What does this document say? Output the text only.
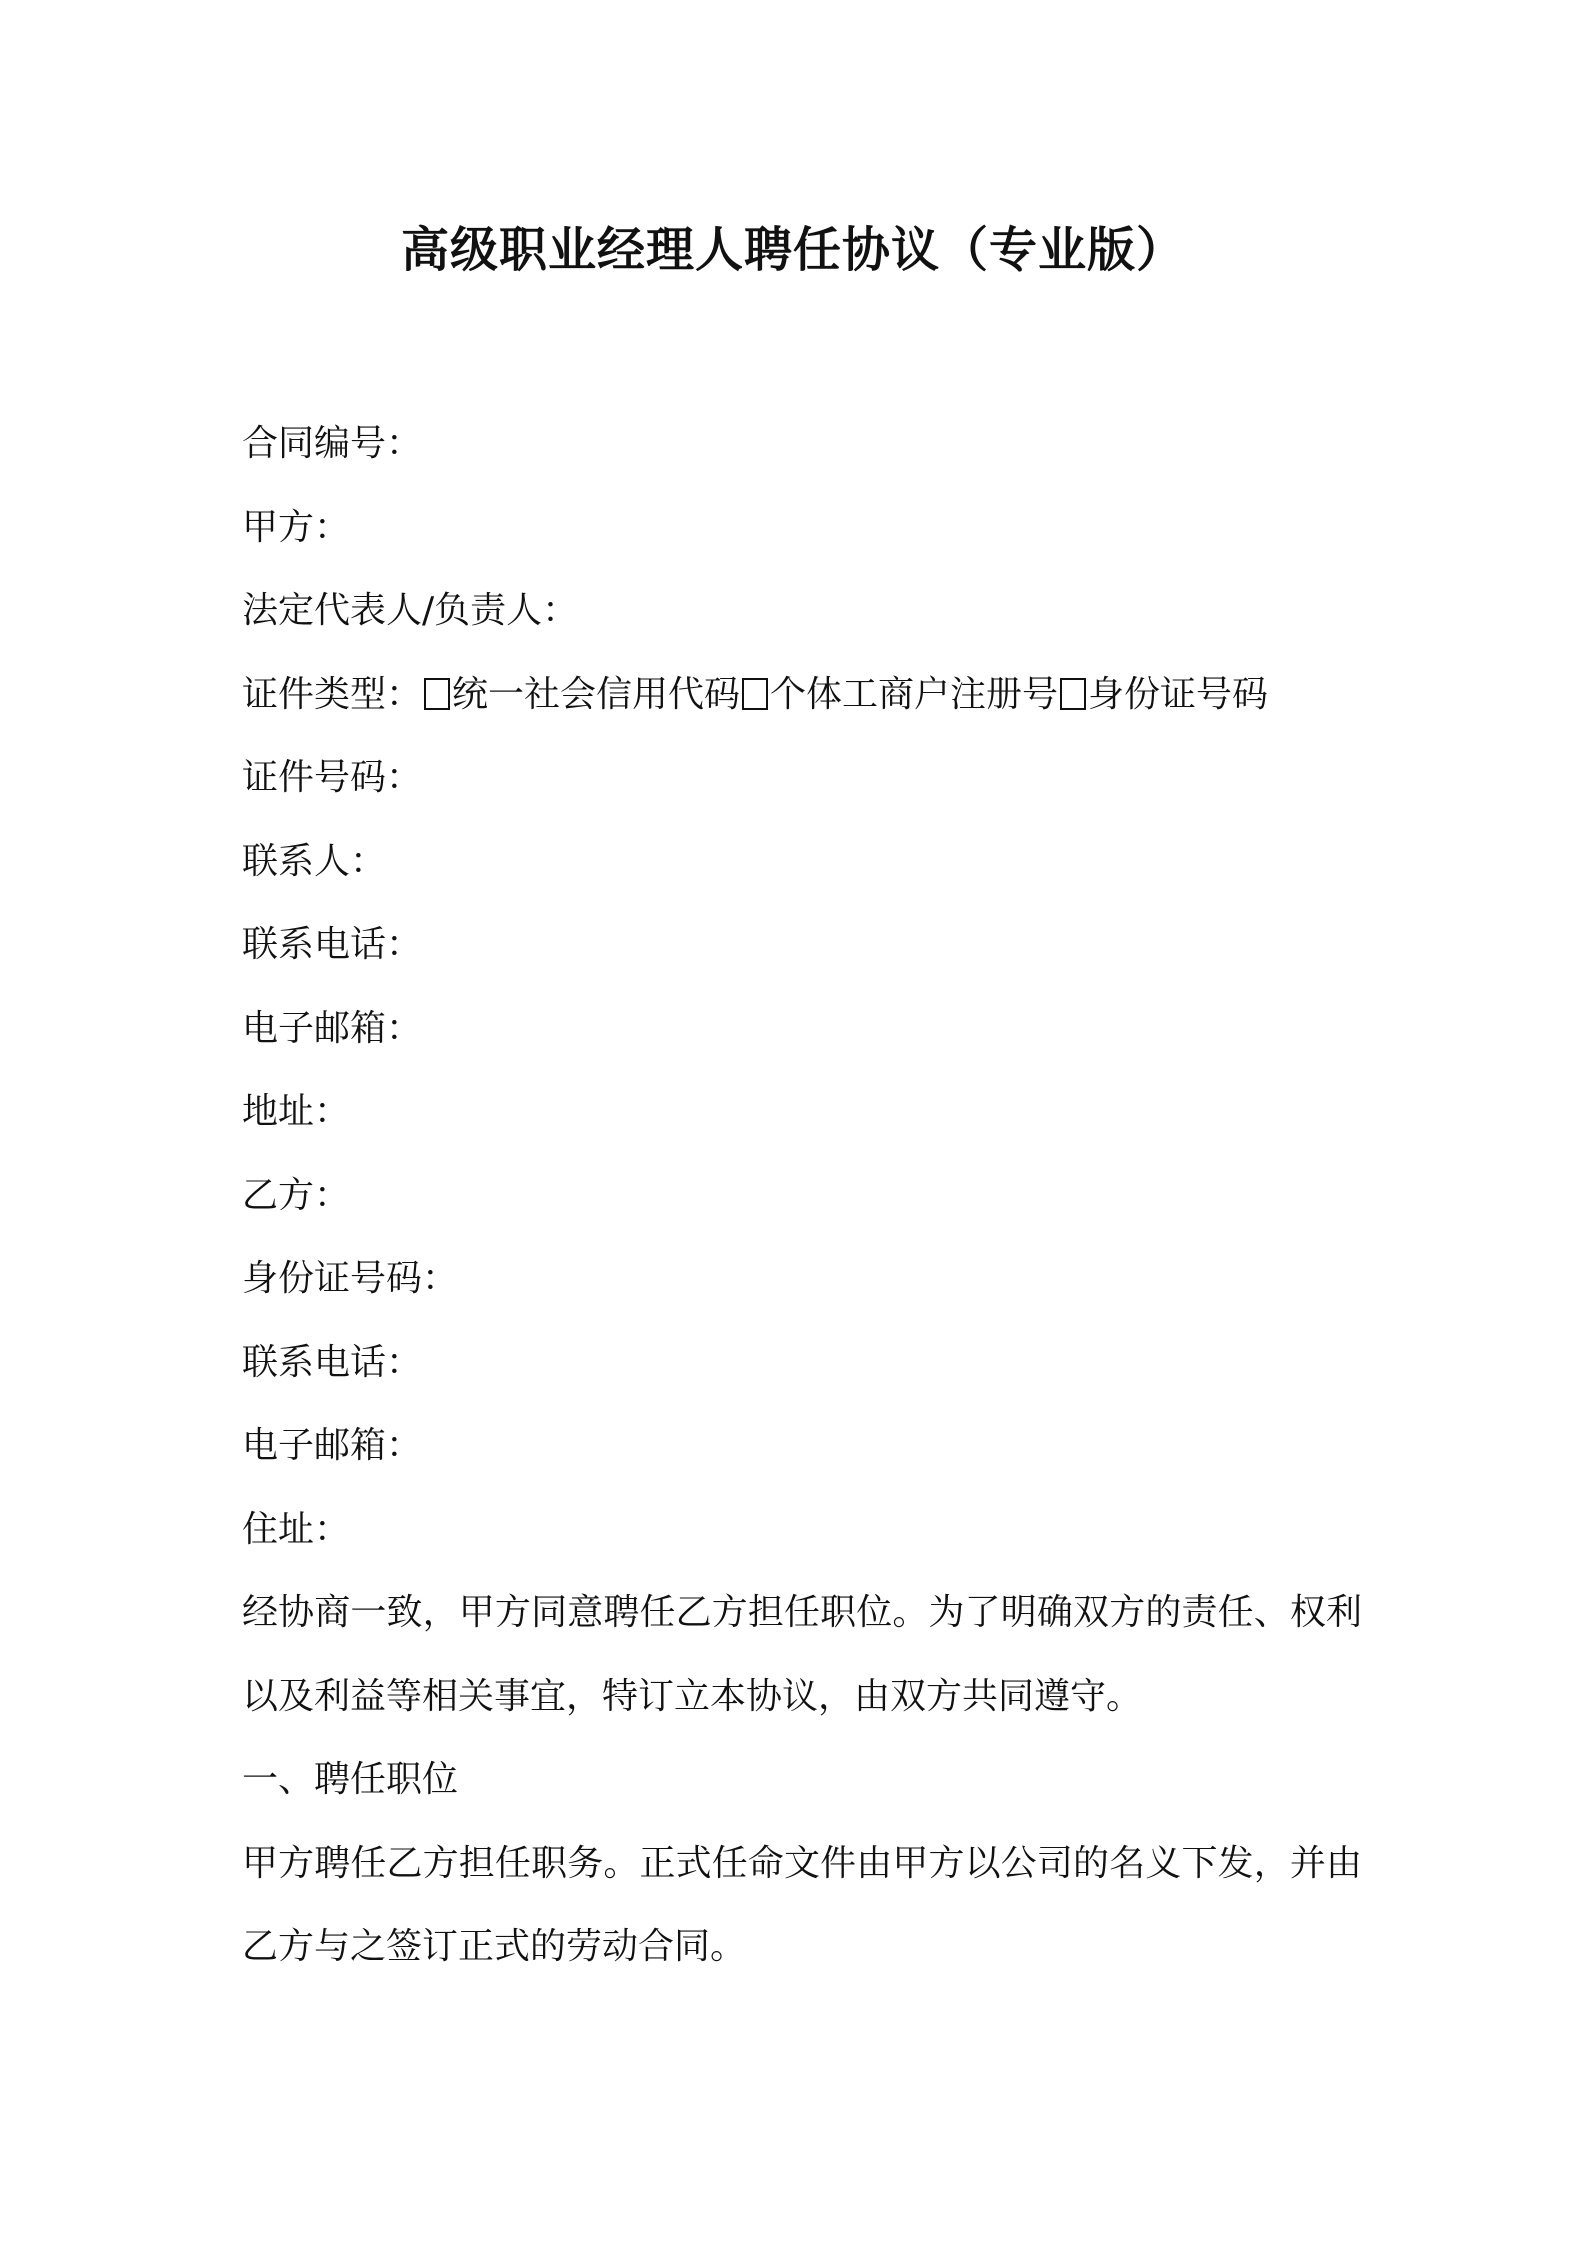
高级职业经理人聘任协议（专业版）
合同编号：
甲方：
法定代表人/负责人：
证件类型： 统一社会信用代码 个体工商户注册号 身份证号码
证件号码：
联系人：
联系电话：
电子邮箱：
地址：
乙方：
身份证号码：
联系电话：
电子邮箱：
住址：
经协商一致，甲方同意聘任乙方担任职位。为了明确双方的责任、权利以及利益等相关事宜，特订立本协议，由双方共同遵守。
一、聘任职位
甲方聘任乙方担任职务。正式任命文件由甲方以公司的名义下发，并由乙方与之签订正式的劳动合同。
